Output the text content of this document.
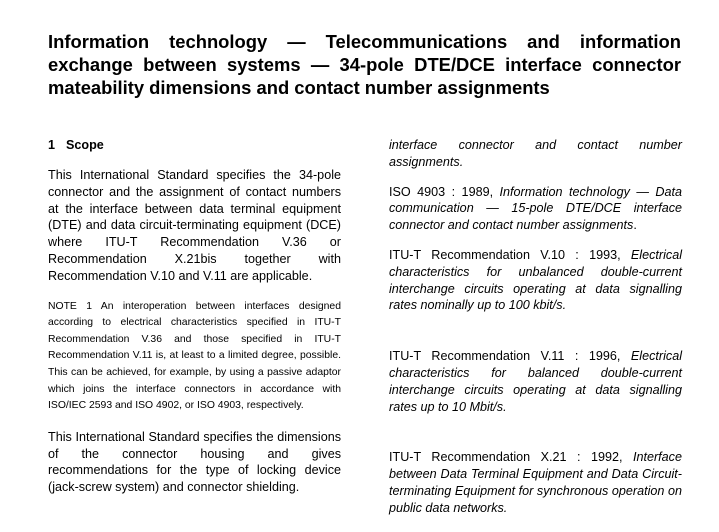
Information technology — Telecommunications and information exchange between systems — 34-pole DTE/DCE interface connector mateability dimensions and contact number assignments
1 Scope

This International Standard specifies the 34-pole connector and the assignment of contact numbers at the interface between data terminal equipment (DTE) and data circuit-terminating equipment (DCE) where ITU-T Recommendation V.36 or Recommendation X.21bis together with Recommendation V.10 and V.11 are applicable.

NOTE 1 An interoperation between interfaces designed according to electrical characteristics specified in ITU-T Recommendation V.36 and those specified in ITU-T Recommendation V.11 is, at least to a limited degree, possible. This can be achieved, for example, by using a passive adaptor which joins the interface connectors in accordance with ISO/IEC 2593 and ISO 4902, or ISO 4903, respectively.

This International Standard specifies the dimensions of the connector housing and gives recommendations for the type of locking device (jack-screw system) and connector shielding.

interface connector and contact number assignments.

ISO 4903 : 1989, Information technology — Data communication — 15-pole DTE/DCE interface connector and contact number assignments.

ITU-T Recommendation V.10 : 1993, Electrical characteristics for unbalanced double-current interchange circuits operating at data signalling rates nominally up to 100 kbit/s.

ITU-T Recommendation V.11 : 1996, Electrical characteristics for balanced double-current interchange circuits operating at data signalling rates up to 10 Mbit/s.

ITU-T Recommendation X.21 : 1992, Interface between Data Terminal Equipment and Data Circuit-terminating Equipment for synchronous operation on public data networks.
